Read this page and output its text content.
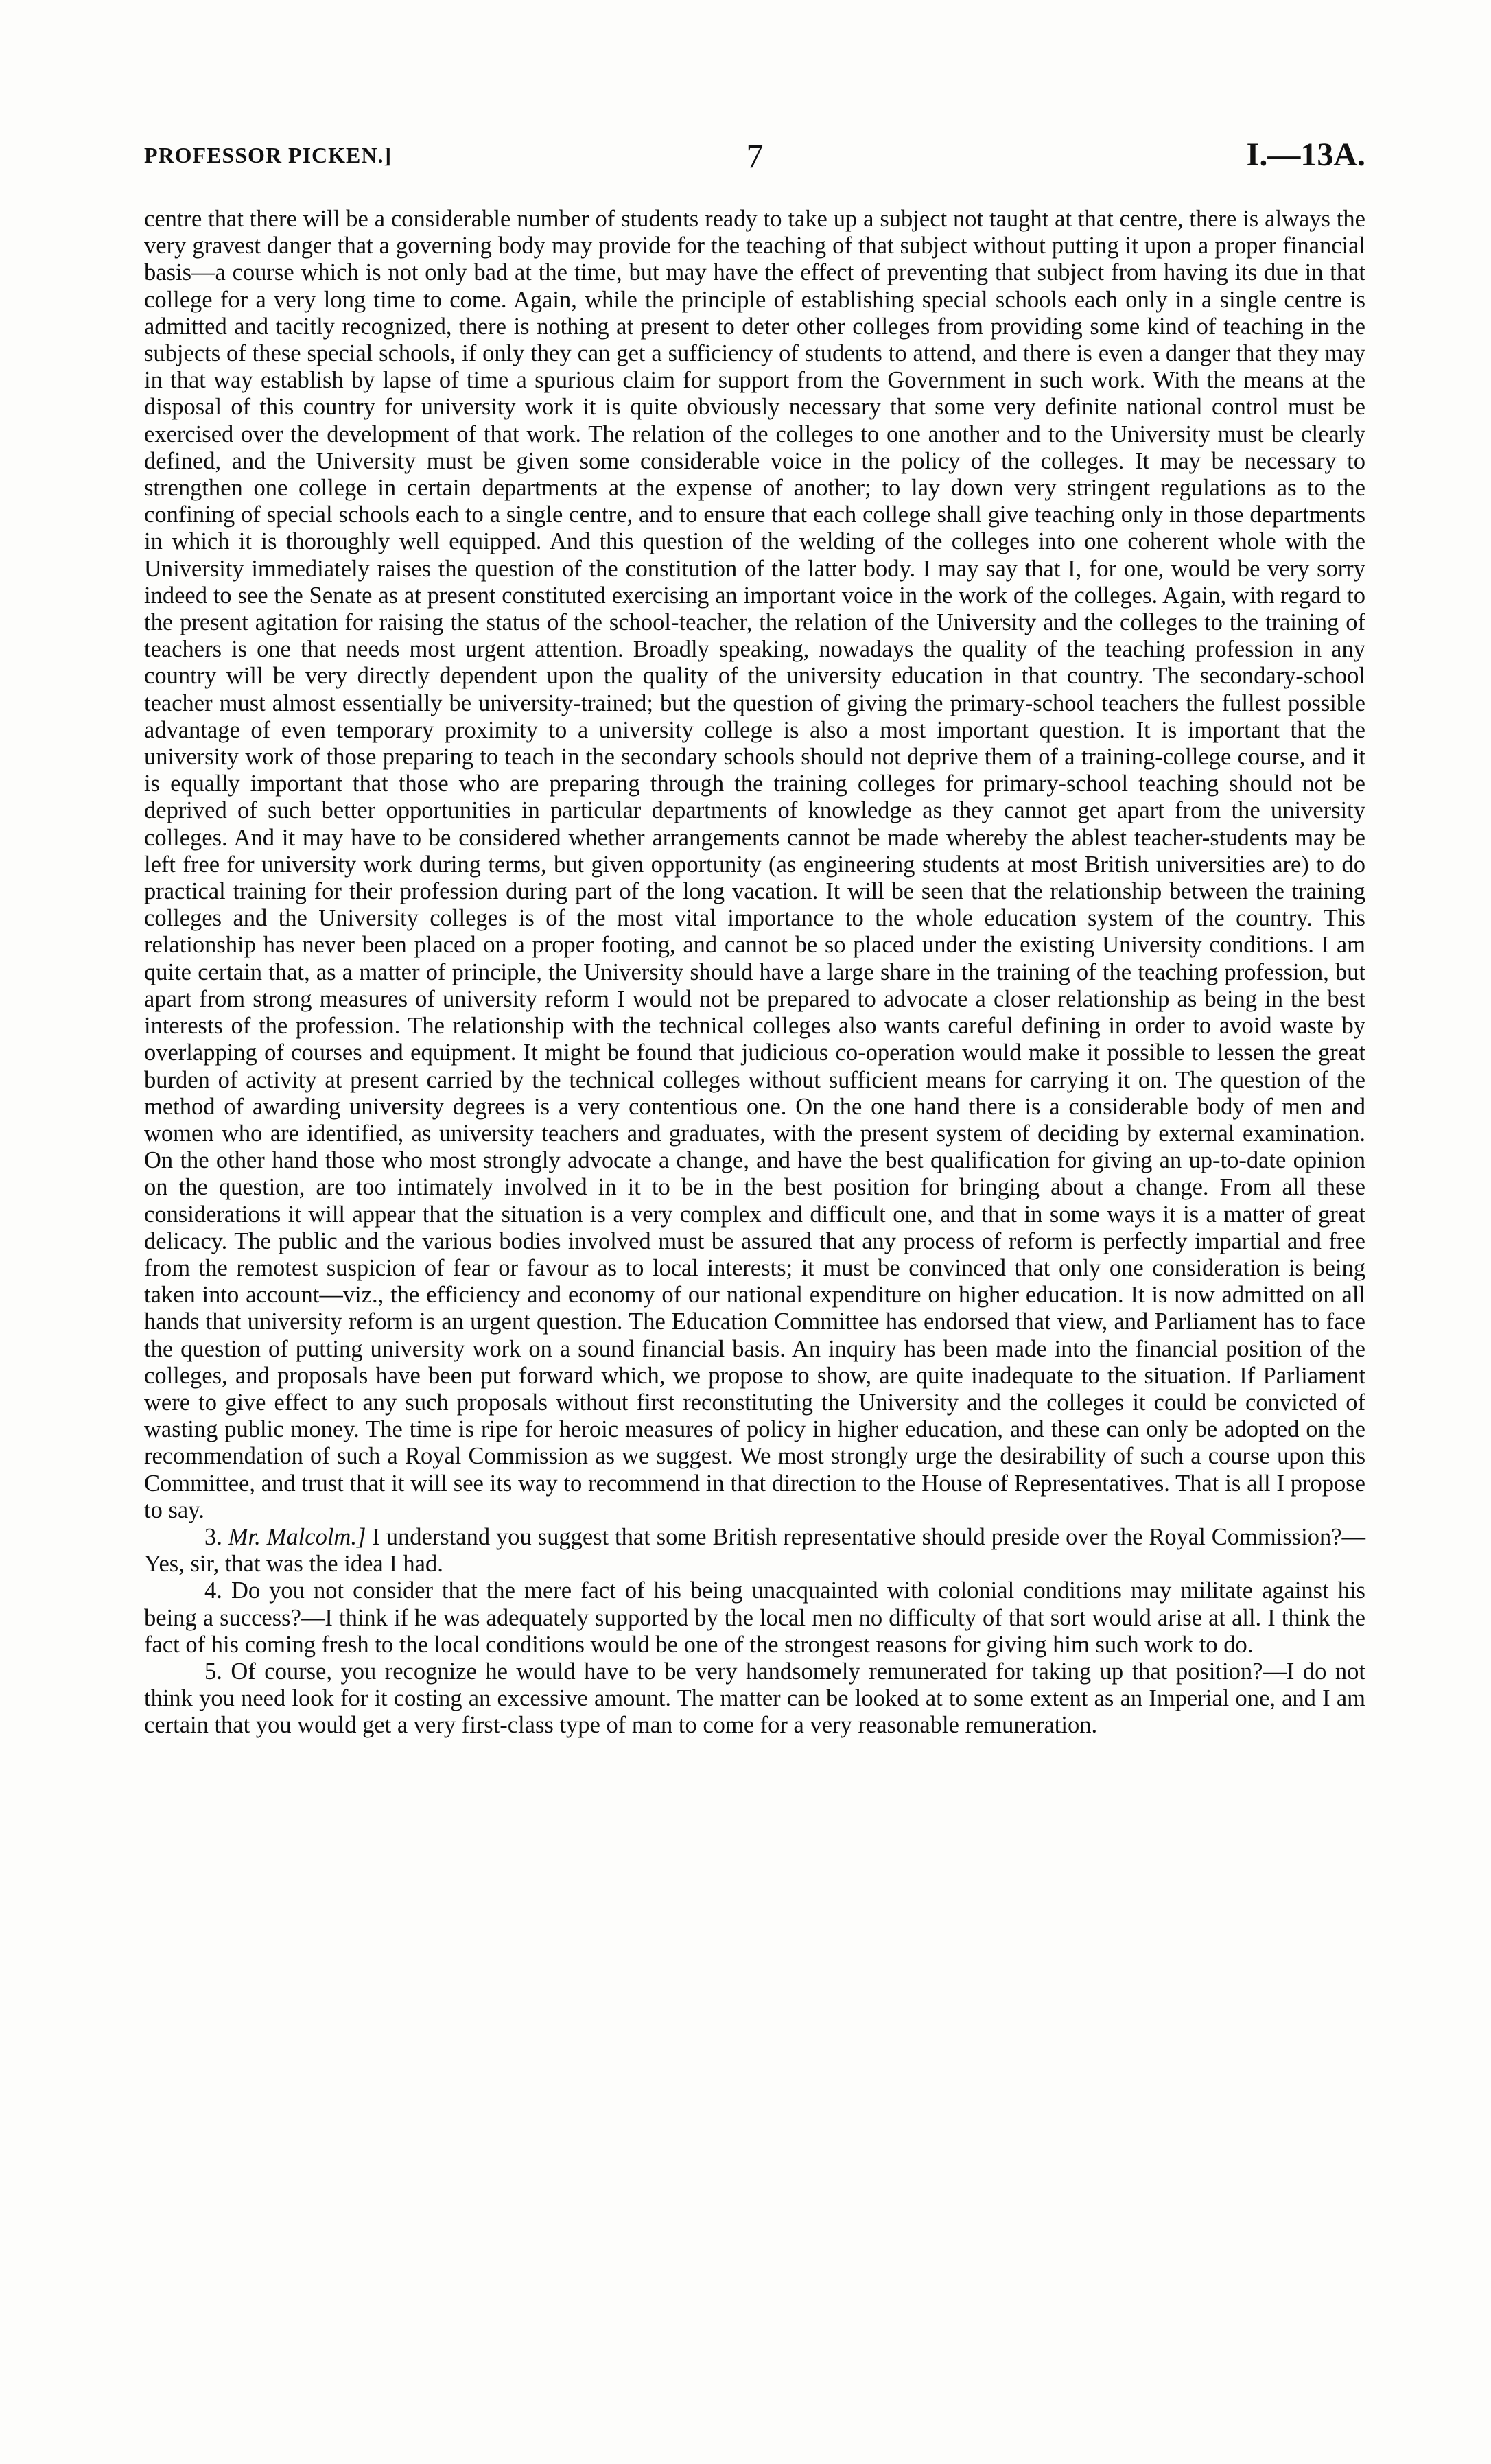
PROFESSOR PICKEN.]	7	I.—13A.

centre that there will be a considerable number of students ready to take up a subject not taught at that centre, there is always the very gravest danger that a governing body may provide for the teaching of that subject without putting it upon a proper financial basis—a course which is not only bad at the time, but may have the effect of preventing that subject from having its due in that college for a very long time to come. Again, while the principle of establishing special schools each only in a single centre is admitted and tacitly recognized, there is nothing at present to deter other colleges from providing some kind of teaching in the subjects of these special schools, if only they can get a sufficiency of students to attend, and there is even a danger that they may in that way establish by lapse of time a spurious claim for support from the Government in such work. With the means at the disposal of this country for university work it is quite obviously necessary that some very definite national control must be exercised over the development of that work. The relation of the colleges to one another and to the University must be clearly defined, and the University must be given some considerable voice in the policy of the colleges. It may be necessary to strengthen one college in certain departments at the expense of another; to lay down very stringent regulations as to the confining of special schools each to a single centre, and to ensure that each college shall give teaching only in those departments in which it is thoroughly well equipped. And this question of the welding of the colleges into one coherent whole with the University immediately raises the question of the constitution of the latter body. I may say that I, for one, would be very sorry indeed to see the Senate as at present constituted exercising an important voice in the work of the colleges. Again, with regard to the present agitation for raising the status of the school-teacher, the relation of the University and the colleges to the training of teachers is one that needs most urgent attention. Broadly speaking, nowadays the quality of the teaching profession in any country will be very directly dependent upon the quality of the university education in that country. The secondary-school teacher must almost essentially be university-trained; but the question of giving the primary-school teachers the fullest possible advantage of even temporary proximity to a university college is also a most important question. It is important that the university work of those preparing to teach in the secondary schools should not deprive them of a training-college course, and it is equally important that those who are preparing through the training colleges for primary-school teaching should not be deprived of such better opportunities in particular departments of knowledge as they cannot get apart from the university colleges. And it may have to be considered whether arrangements cannot be made whereby the ablest teacher-students may be left free for university work during terms, but given opportunity (as engineering students at most British universities are) to do practical training for their profession during part of the long vacation. It will be seen that the relationship between the training colleges and the University colleges is of the most vital importance to the whole education system of the country. This relationship has never been placed on a proper footing, and cannot be so placed under the existing University conditions. I am quite certain that, as a matter of principle, the University should have a large share in the training of the teaching profession, but apart from strong measures of university reform I would not be prepared to advocate a closer relationship as being in the best interests of the profession. The relationship with the technical colleges also wants careful defining in order to avoid waste by overlapping of courses and equipment. It might be found that judicious co-operation would make it possible to lessen the great burden of activity at present carried by the technical colleges without sufficient means for carrying it on. The question of the method of awarding university degrees is a very contentious one. On the one hand there is a considerable body of men and women who are identified, as university teachers and graduates, with the present system of deciding by external examination. On the other hand those who most strongly advocate a change, and have the best qualification for giving an up-to-date opinion on the question, are too intimately involved in it to be in the best position for bringing about a change. From all these considerations it will appear that the situation is a very complex and difficult one, and that in some ways it is a matter of great delicacy. The public and the various bodies involved must be assured that any process of reform is perfectly impartial and free from the remotest suspicion of fear or favour as to local interests; it must be convinced that only one consideration is being taken into account—viz., the efficiency and economy of our national expenditure on higher education. It is now admitted on all hands that university reform is an urgent question. The Education Committee has endorsed that view, and Parliament has to face the question of putting university work on a sound financial basis. An inquiry has been made into the financial position of the colleges, and proposals have been put forward which, we propose to show, are quite inadequate to the situation. If Parliament were to give effect to any such proposals without first reconstituting the University and the colleges it could be convicted of wasting public money. The time is ripe for heroic measures of policy in higher education, and these can only be adopted on the recommendation of such a Royal Commission as we suggest. We most strongly urge the desirability of such a course upon this Committee, and trust that it will see its way to recommend in that direction to the House of Representatives. That is all I propose to say.

3. Mr. Malcolm.] I understand you suggest that some British representative should preside over the Royal Commission?—Yes, sir, that was the idea I had.

4. Do you not consider that the mere fact of his being unacquainted with colonial conditions may militate against his being a success?—I think if he was adequately supported by the local men no difficulty of that sort would arise at all. I think the fact of his coming fresh to the local conditions would be one of the strongest reasons for giving him such work to do.

5. Of course, you recognize he would have to be very handsomely remunerated for taking up that position?—I do not think you need look for it costing an excessive amount. The matter can be looked at to some extent as an Imperial one, and I am certain that you would get a very first-class type of man to come for a very reasonable remuneration.
